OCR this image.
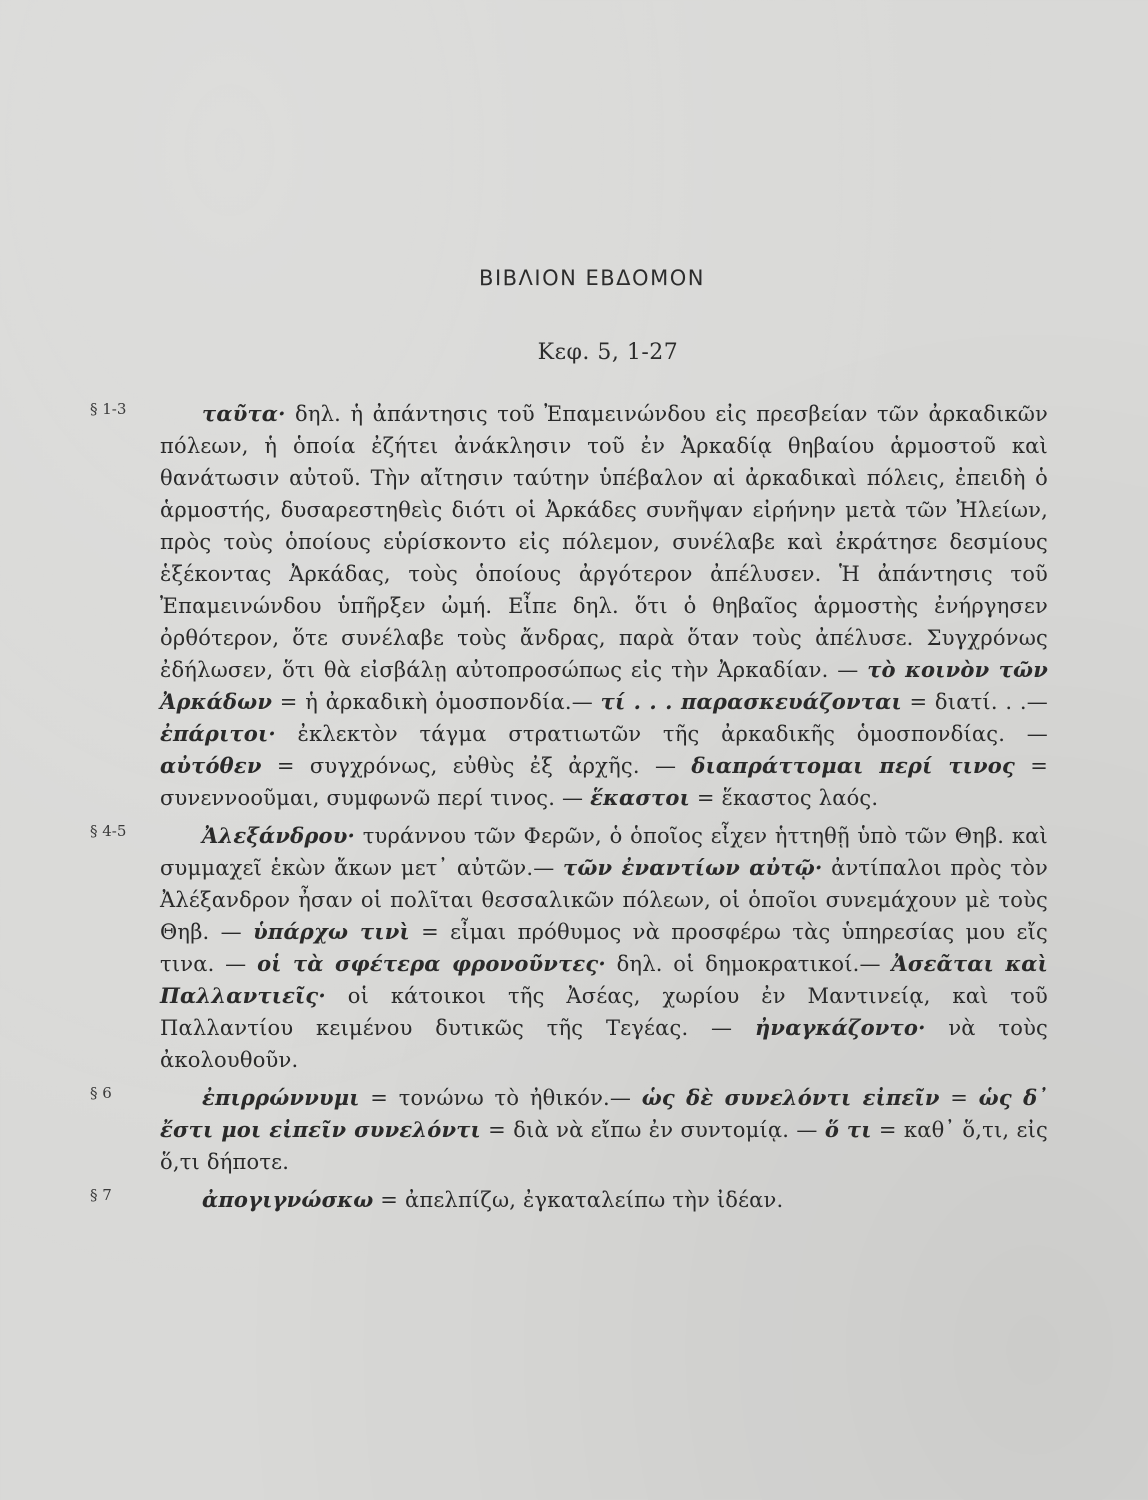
ΒΙΒΛΙΟΝ ΕΒΔΟΜΟΝ
Κεφ. 5, 1-27
§ 1-3	ταῦτα· δηλ. ἡ ἀπάντησις τοῦ Ἐπαμεινώνδου εἰς πρεσβείαν τῶν ἀρκαδικῶν πόλεων, ἡ ὁποία ἐζήτει ἀνάκλησιν τοῦ ἐν Ἀρκαδίᾳ θηβαίου ἁρμοστοῦ καὶ θανάτωσιν αὐτοῦ. Τὴν αἴτησιν ταύτην ὑπέβαλον αἱ ἀρκαδικαὶ πόλεις, ἐπειδὴ ὁ ἁρμοστής, δυσαρεστηθεὶς διότι οἱ Ἀρκάδες συνῆψαν εἰρήνην μετὰ τῶν Ἠλείων, πρὸς τοὺς ὁποίους εὑρίσκοντο εἰς πόλεμον, συνέλαβε καὶ ἐκράτησε δεσμίους ἑξέκοντας Ἀρκάδας, τοὺς ὁποίους ἀργότερον ἀπέλυσεν. Ἡ ἀπάντησις τοῦ Ἐπαμεινώνδου ὑπῆρξεν ὠμή. Εἶπε δηλ. ὅτι ὁ θηβαῖος ἁρμοστὴς ἐνήργησεν ὀρθότερον, ὅτε συνέλαβε τοὺς ἄνδρας, παρὰ ὅταν τοὺς ἀπέλυσε. Συγχρόνως ἐδήλωσεν, ὅτι θὰ εἰσβάλῃ αὐτοπροσώπως εἰς τὴν Ἀρκαδίαν. — τὸ κοινὸν τῶν Ἀρκάδων = ἡ ἀρκαδικὴ ὁμοσπονδία.— τί . . . παρασκευάζονται = διατί. . .— ἐπάριτοι· ἐκλεκτὸν τάγμα στρατιωτῶν τῆς ἀρκαδικῆς ὁμοσπονδίας. — αὐτόθεν = συγχρόνως, εὐθὺς ἐξ ἀρχῆς. — διαπράττομαι περί τινος = συνεννοοῦμαι, συμφωνῶ περί τινος. — ἕκαστοι = ἕκαστος λαός.
§ 4-5	Ἀλεξάνδρου· τυράννου τῶν Φερῶν, ὁ ὁποῖος εἶχεν ἡττηθῇ ὑπὸ τῶν Θηβ. καὶ συμμαχεῖ ἑκὼν ἄκων μετ᾽ αὐτῶν.— τῶν ἐναντίων αὐτῷ· ἀντίπαλοι πρὸς τὸν Ἀλέξανδρον ἦσαν οἱ πολῖται θεσσαλικῶν πόλεων, οἱ ὁποῖοι συνεμάχουν μὲ τοὺς Θηβ. — ὑπάρχω τινὶ = εἶμαι πρόθυμος νὰ προσφέρω τὰς ὑπηρεσίας μου εἴς τινα. — οἱ τὰ σφέτερα φρονοῦντες· δηλ. οἱ δημοκρατικοί.— Ἀσεᾶται καὶ Παλλαντιεῖς· οἱ κάτοικοι τῆς Ἀσέας, χωρίου ἐν Μαντινείᾳ, καὶ τοῦ Παλλαντίου κειμένου δυτικῶς τῆς Τεγέας. — ἠναγκάζοντο· νὰ τοὺς ἀκολουθοῦν.
§ 6	ἐπιρρώννυμι = τονώνω τὸ ἠθικόν.— ὡς δὲ συνελόντι εἰπεῖν = ὡς δ᾽ ἔστι μοι εἰπεῖν συνελόντι = διὰ νὰ εἴπω ἐν συντομίᾳ. — ὅ τι = καθ᾽ ὅ,τι, εἰς ὅ,τι δήποτε.
§ 7	ἀπογιγνώσκω = ἀπελπίζω, ἐγκαταλείπω τὴν ἰδέαν.
